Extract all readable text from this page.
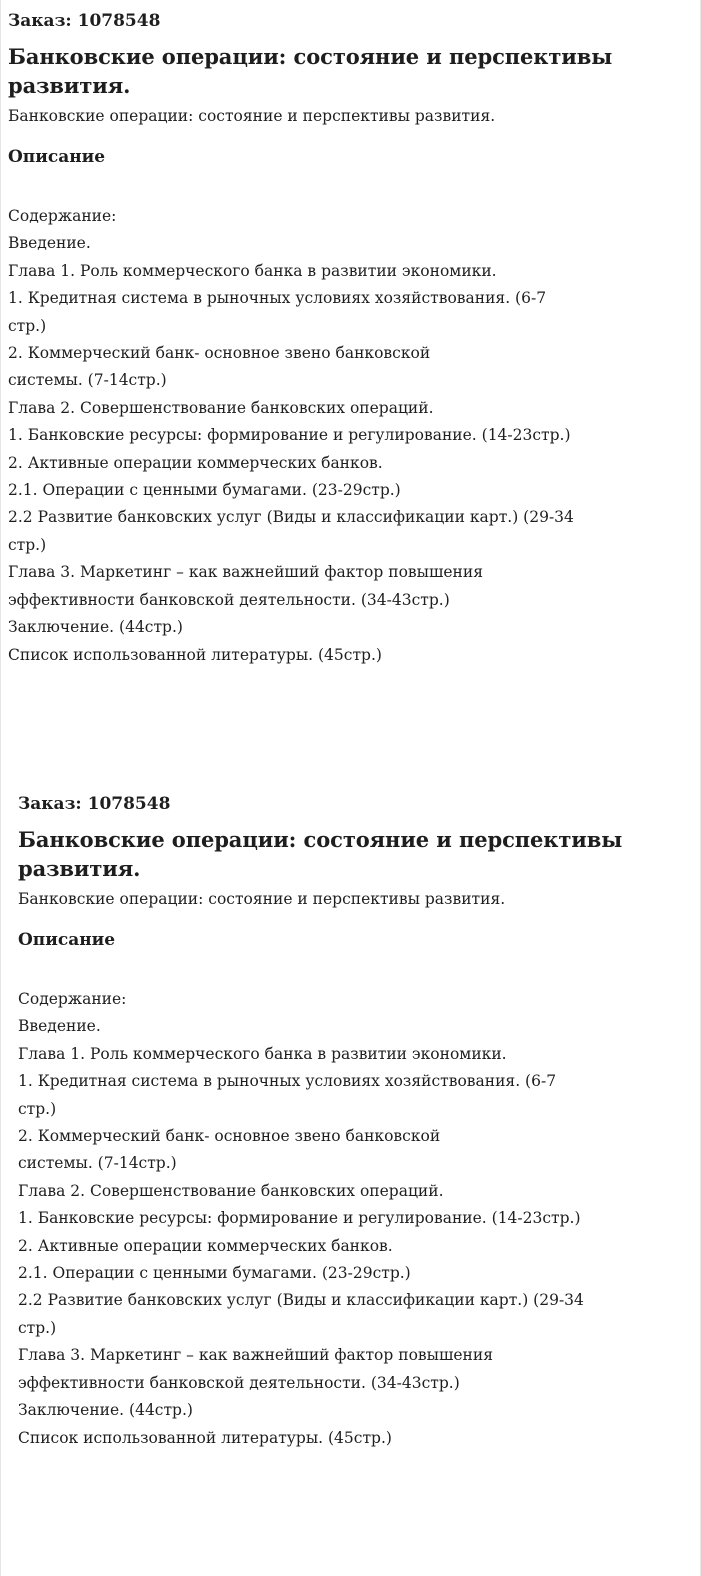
Заказ: 1078548

Банковские операции: состояние и перспективы развития.

Банковские операции: состояние и перспективы развития.

Описание
Содержание:
Введение.
Глава 1. Роль коммерческого банка в развитии экономики.
1. Кредитная система в рыночных условиях хозяйствования. (6-7
стр.)
2. Коммерческий банк- основное звено банковской
системы. (7-14стр.)
Глава 2. Совершенствование банковских операций.
1. Банковские ресурсы: формирование и регулирование. (14-23стр.)
2. Активные операции коммерческих банков.
2.1. Операции с ценными бумагами. (23-29стр.)
2.2 Развитие банковских услуг (Виды и классификации карт.) (29-34
стр.)
Глава 3. Маркетинг – как важнейший фактор повышения
эффективности банковской деятельности. (34-43стр.)
Заключение. (44стр.)
Список использованной литературы. (45стр.)

Заказ: 1078548

Банковские операции: состояние и перспективы развития.

Банковские операции: состояние и перспективы развития.

Описание
Содержание:
Введение.
Глава 1. Роль коммерческого банка в развитии экономики.
1. Кредитная система в рыночных условиях хозяйствования. (6-7
стр.)
2. Коммерческий банк- основное звено банковской
системы. (7-14стр.)
Глава 2. Совершенствование банковских операций.
1. Банковские ресурсы: формирование и регулирование. (14-23стр.)
2. Активные операции коммерческих банков.
2.1. Операции с ценными бумагами. (23-29стр.)
2.2 Развитие банковских услуг (Виды и классификации карт.) (29-34
стр.)
Глава 3. Маркетинг – как важнейший фактор повышения
эффективности банковской деятельности. (34-43стр.)
Заключение. (44стр.)
Список использованной литературы. (45стр.)
